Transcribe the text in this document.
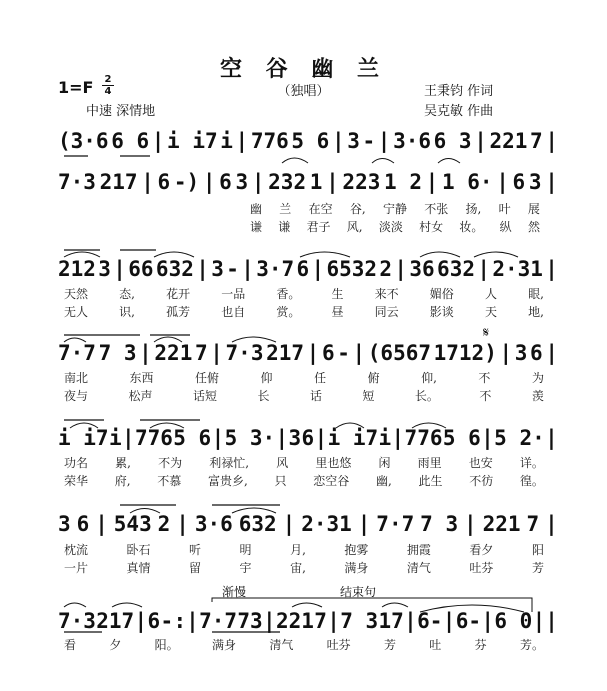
空 谷 幽 兰
（独唱）
1=F 2
4
中速 深情地
王秉钧 作词
吴克敏 作曲
(3·6 6 6 | i i7 i | 776 5 6 | 3 - | 3·6 6 3 | 221 7 |
7·3 217 | 6 -) | 6 3 | 232 1 | 223 1 2 | 1 6· | 6 3 |
幽 兰 在空 谷, 宁静 不张 扬, 叶 展
谦 谦 君子 风, 淡淡 村女 妆。 纵 然
212 3 | 66 632 | 3 - | 3·7 6 | 6532 2 | 36 632 | 2·31 |
天然	态,	花开	一品	香。	生	来不	媚俗	人	眼,
无人	识,	孤芳	也自	赏。	昼	同云	影谈	天	地,
7·7 7 3 | 221 7 | 7·3 217 | 6 - | (6567 1712) | 3 6 |
南北	东西	任俯	仰	任	俯	仰,	不	为
夜与	松声	话短	长	话	短	长。	不	羡
i i7 i | 776 5 6 | 5 3· | 3 6 | i i7 i | 776 5 6 | 5 2· |
功名 累, 不为 利禄忙, 风 里也悠 闲 雨里 也安 详。
荣华 府, 不慕 富贵乡, 只 恋空谷 幽, 此生 不彷 徨。
3 6 | 543 2 | 3·6 632 | 2·31 | 7·7 7 3 | 221 7 |
枕流	卧石	听	明	月,	抱雾	拥霞	看夕	阳
一片	真情	留	宇	宙,	满身	清气	吐芬	芳
7·3 217 | 6 - :| 7·7 73 | 221 7 | 7 3 17 | 6- | 6- | 6 0 ||
看	夕	阳。	满身	清气	吐芬	芳	吐	芬	芳。
渐慢	结束句
𝄋
